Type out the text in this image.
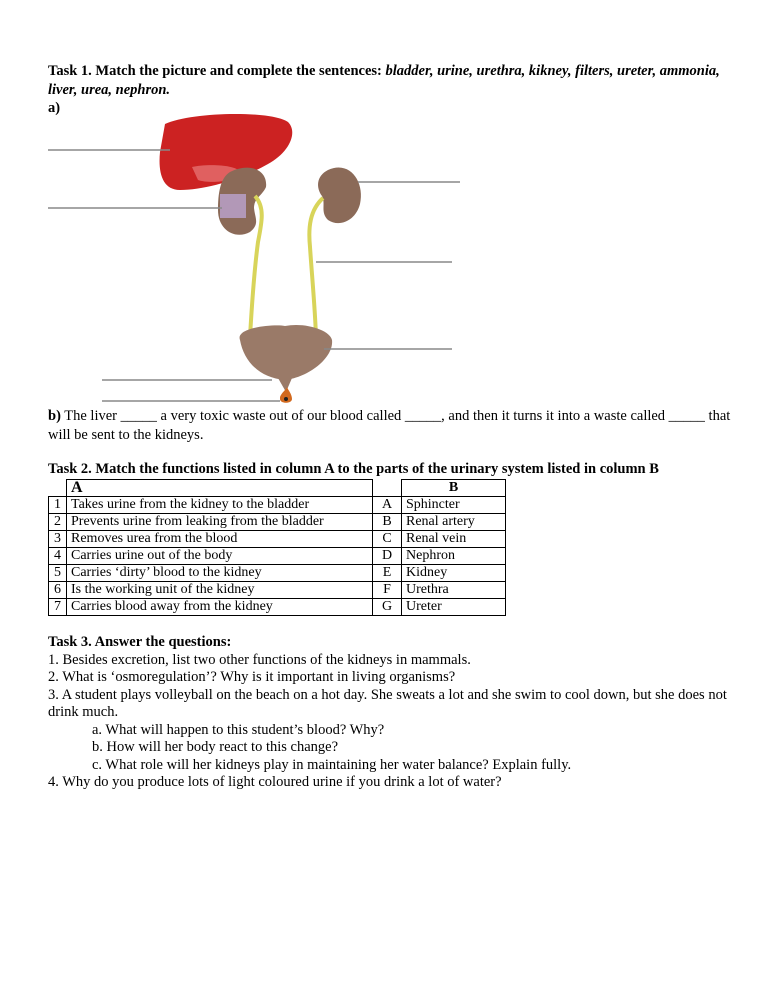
Task 1. Match the picture and complete the sentences: bladder, urine, urethra, kikney, filters, ureter, ammonia, liver, urea, nephron.
a)
b) The liver _____ a very toxic waste out of our blood called _____, and then it turns it into a waste called _____ that will be sent to the kidneys.
Task 2. Match the functions listed in column A to the parts of the urinary system listed in column B
	A		B
1	Takes urine from the kidney to the bladder	A	Sphincter
2	Prevents urine from leaking from the bladder	B	Renal artery
3	Removes urea from the blood	C	Renal vein
4	Carries urine out of the body	D	Nephron
5	Carries ‘dirty’ blood to the kidney	E	Kidney
6	Is the working unit of the kidney	F	Urethra
7	Carries blood away from the kidney	G	Ureter
Task 3. Answer the questions:
1. Besides excretion, list two other functions of the kidneys in mammals.
2. What is ‘osmoregulation’? Why is it important in living organisms?
3. A student plays volleyball on the beach on a hot day. She sweats a lot and she swim to cool down, but she does not drink much.
a. What will happen to this student’s blood? Why?
b. How will her body react to this change?
c. What role will her kidneys play in maintaining her water balance? Explain fully.
4. Why do you produce lots of light coloured urine if you drink a lot of water?
